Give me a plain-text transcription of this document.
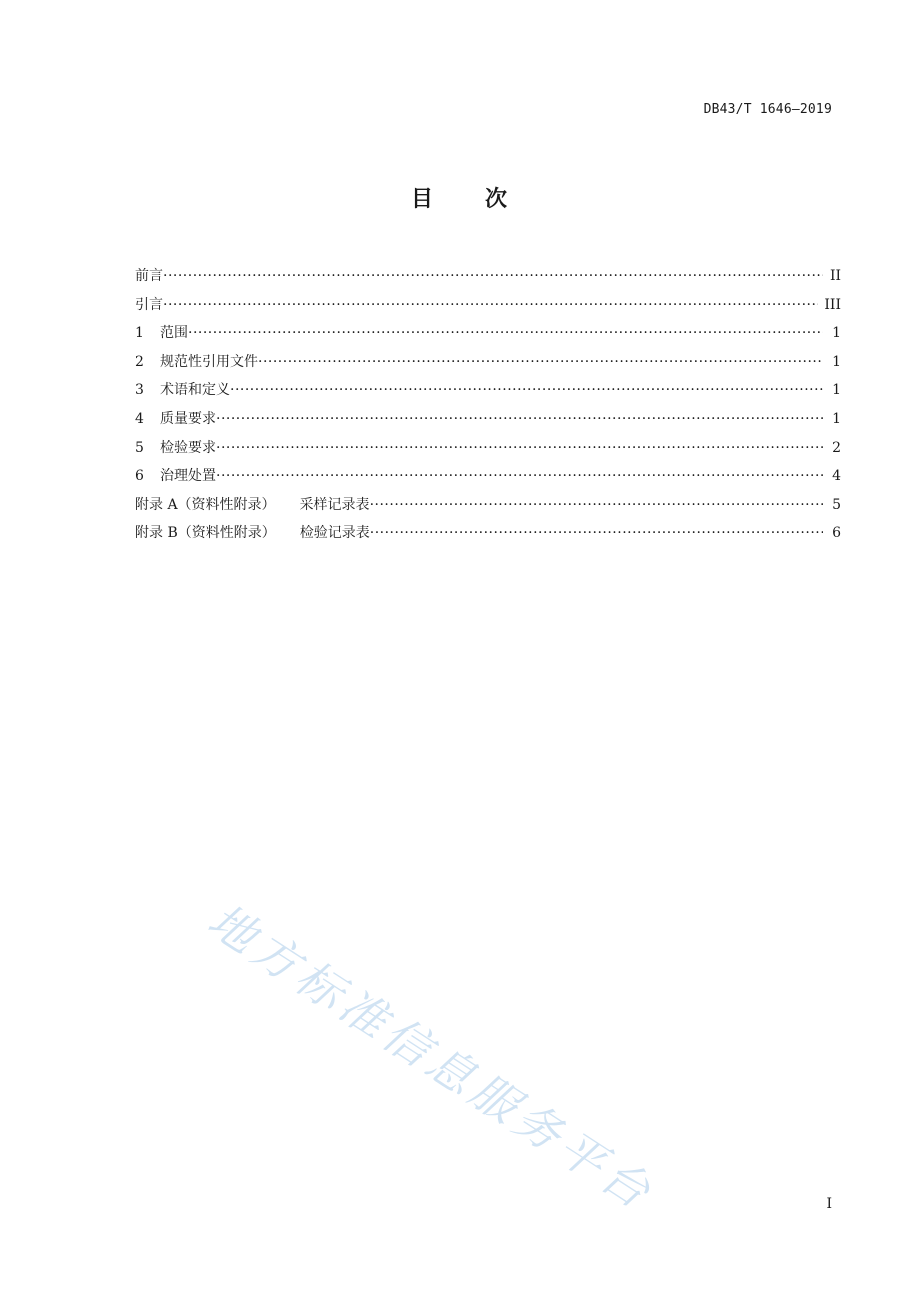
DB43/T 1646—2019
目 次
前言 ·····	II
引言 ·····	III
1	范围 ·····	1
2	规范性引用文件 ·····	1
3	术语和定义 ·····	1
4	质量要求 ·····	1
5	检验要求 ·····	2
6	治理处置 ·····	4
附录 A（资料性附录） 采样记录表 ·····	5
附录 B（资料性附录） 检验记录表 ·····	6
地方标准信息服务平台	I
